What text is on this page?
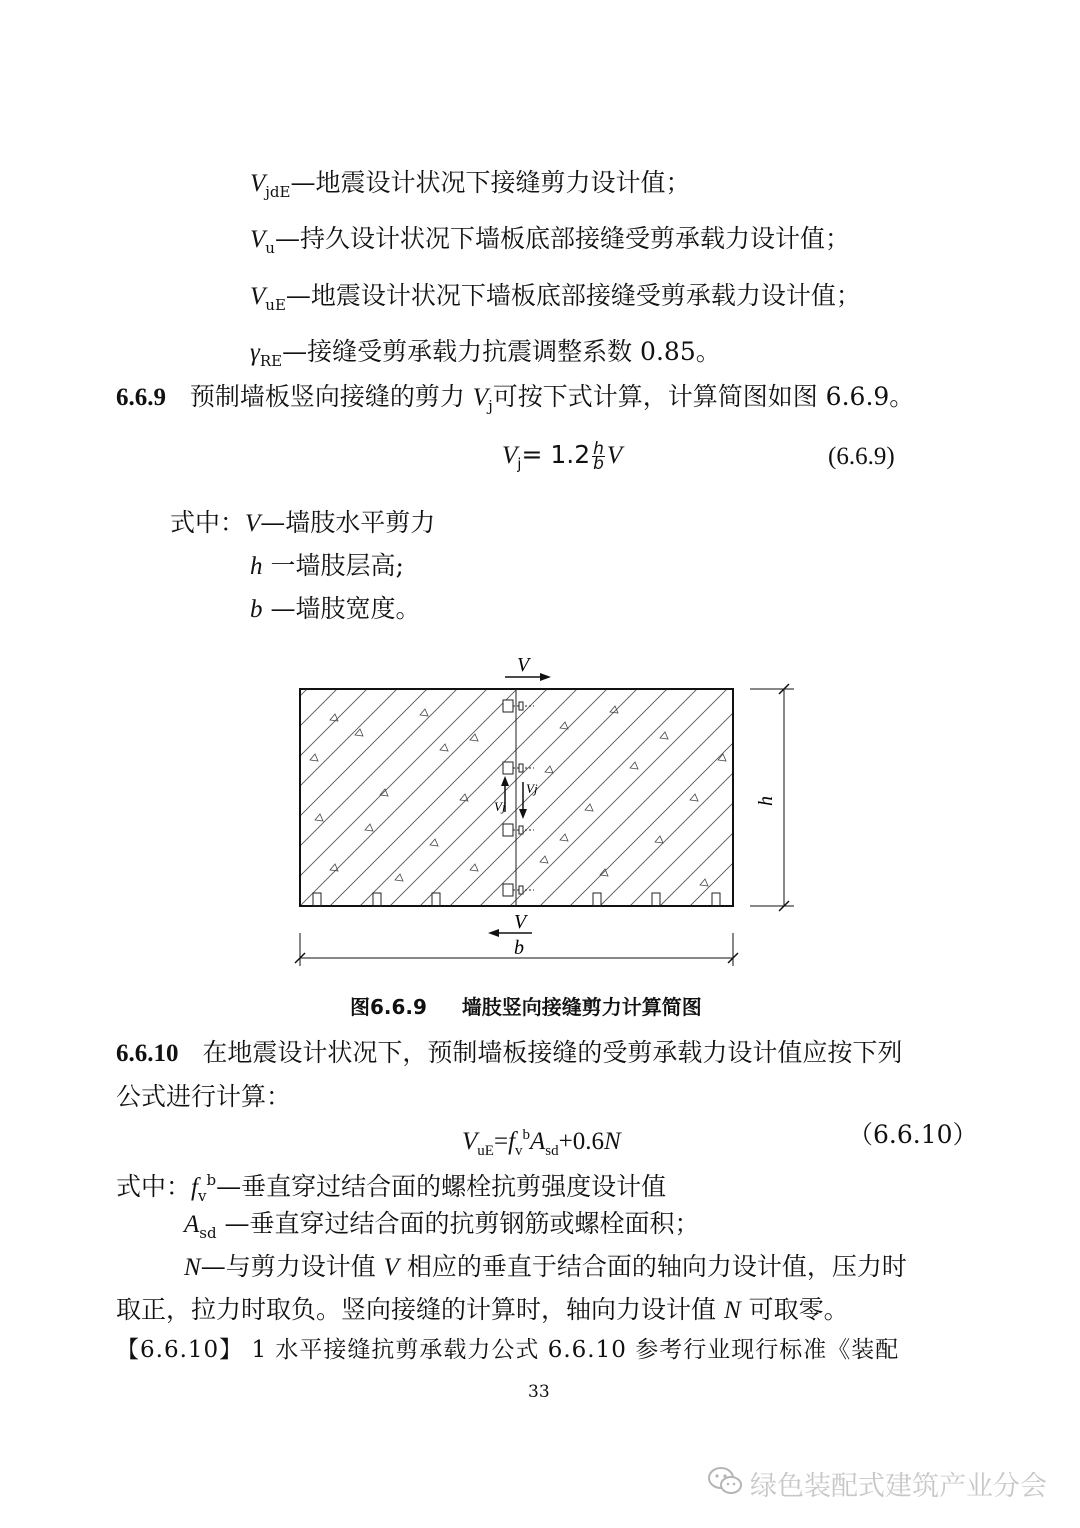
$V_{jdE}—$地震设计状况下接缝剪力设计值；
$V_u—$持久设计状况下墙板底部接缝受剪承载力设计值；
$V_{uE}—$地震设计状况下墙板底部接缝受剪承载力设计值；
$\gamma_{RE}—$接缝受剪承载力抗震调整系数 0.85。
6.6.9 预制墙板竖向接缝的剪力 $V_j$可按下式计算，计算简图如图 6.6.9。
$V_j= 1.2 \frac{h}{b}$ V	(6.6.9)
式中：V—墙肢水平剪力
h 一墙肢层高;
b —墙肢宽度。
Vj
Vj
V
V
b
h
图6.6.9 墙肢竖向接缝剪力计算简图
6.6.10 在地震设计状况下，预制墙板接缝的受剪承载力设计值应按下列
公式进行计算：
$V_{uE}=f_v^bA_{sd}+0.6N$	（6.6.10）
式中：$f_v^b—$垂直穿过结合面的螺栓抗剪强度设计值
$A_{sd}$ —垂直穿过结合面的抗剪钢筋或螺栓面积；
N—与剪力设计值 V 相应的垂直于结合面的轴向力设计值，压力时
取正，拉力时取负。竖向接缝的计算时，轴向力设计值 N 可取零。
【6.6.10】 1 水平接缝抗剪承载力公式 6.6.10 参考行业现行标准《装配
33
绿色装配式建筑产业分会
